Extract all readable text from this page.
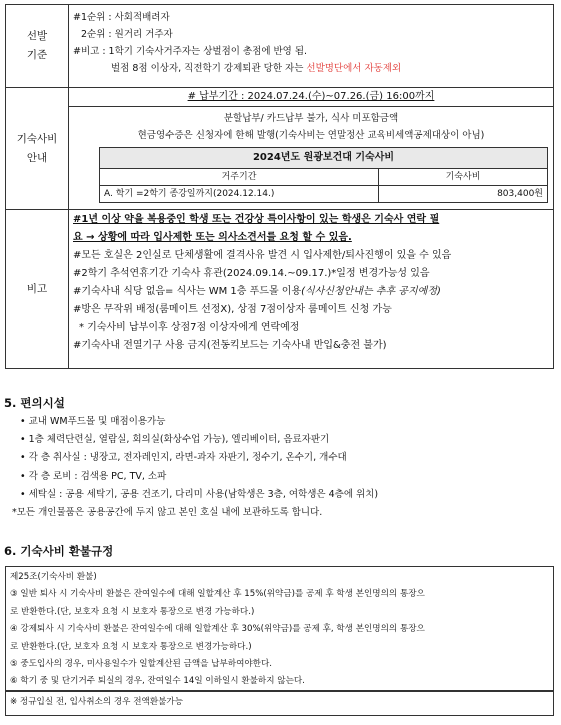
선발
기준	
#1순위 : 사회적배려자
2순위 : 원거리 거주자
#비고 : 1학기 기숙사거주자는 상벌점이 총점에 반영 됨.
벌점 8점 이상자, 직전학기 강제퇴관 당한 자는 선발명단에서 자동제외

기숙사비
안내	
# 납부기간 : 2024.07.24.(수)~07.26.(금) 16:00까지
분할납부/ 카드납부 불가, 식사 미포함금액
현금영수증은 신청자에 한해 발행(기숙사비는 연말정산 교육비세액공제대상이 아님)
2024년도 원광보건대 기숙사비
거주기간	기숙사비
A. 학기 =2학기 종강일까지(2024.12.14.)	803,400원

비고	
#1년 이상 약을 복용중인 학생 또는 건강상 특이사항이 있는 학생은 기숙사 연락 필
요 → 상황에 따라 입사제한 또는 의사소견서를 요청 할 수 있음.
#모든 호실은 2인실로 단체생활에 결격사유 발견 시 입사제한/퇴사진행이 있을 수 있음
#2학기 추석연휴기간 기숙사 휴관(2024.09.14.~09.17.)*일정 변경가능성 있음
#기숙사내 식당 없음= 식사는 WM 1층 푸드몰 이용(식사신청안내는 추후 공지예정)
#방은 무작위 배정(룸메이트 선정X), 상점 7점이상자 룸메이트 신청 가능
* 기숙사비 납부이후 상점7점 이상자에게 연락예정
#기숙사내 전열기구 사용 금지(전동킥보드는 기숙사내 반입&충전 불가)
5. 편의시설
• 교내 WM푸드몰 및 매점이용가능
• 1층 체력단련실, 열람실, 회의실(화상수업 가능), 엘리베이터, 음료자판기
• 각 층 취사실 : 냉장고, 전자레인지, 라면-과자 자판기, 정수기, 온수기, 개수대
• 각 층 로비 : 검색용 PC, TV, 소파
• 세탁실 : 공용 세탁기, 공용 건조기, 다리미 사용(남학생은 3층, 여학생은 4층에 위치)
*모든 개인물품은 공용공간에 두지 않고 본인 호실 내에 보관하도록 합니다.
6. 기숙사비 환불규정
제25조(기숙사비 환불)
③ 일반 퇴사 시 기숙사비 환불은 잔여일수에 대해 일할계산 후 15%(위약금)를 공제 후 학생 본인명의의 통장으
로 반환한다.(단, 보호자 요청 시 보호자 통장으로 변경 가능하다.)
④ 강제퇴사 시 기숙사비 환불은 잔여일수에 대해 일할계산 후 30%(위약금)를 공제 후, 학생 본인명의의 통장으
로 반환한다.(단, 보호자 요청 시 보호자 통장으로 변경가능하다.)
⑤ 중도입사의 경우, 미사용일수가 일할계산된 금액을 납부하여야한다.
⑥ 학기 중 및 단기거주 퇴실의 경우, 잔여일수 14일 이하일시 환불하지 않는다.
※ 정규입실 전, 입사취소의 경우 전액환불가능
